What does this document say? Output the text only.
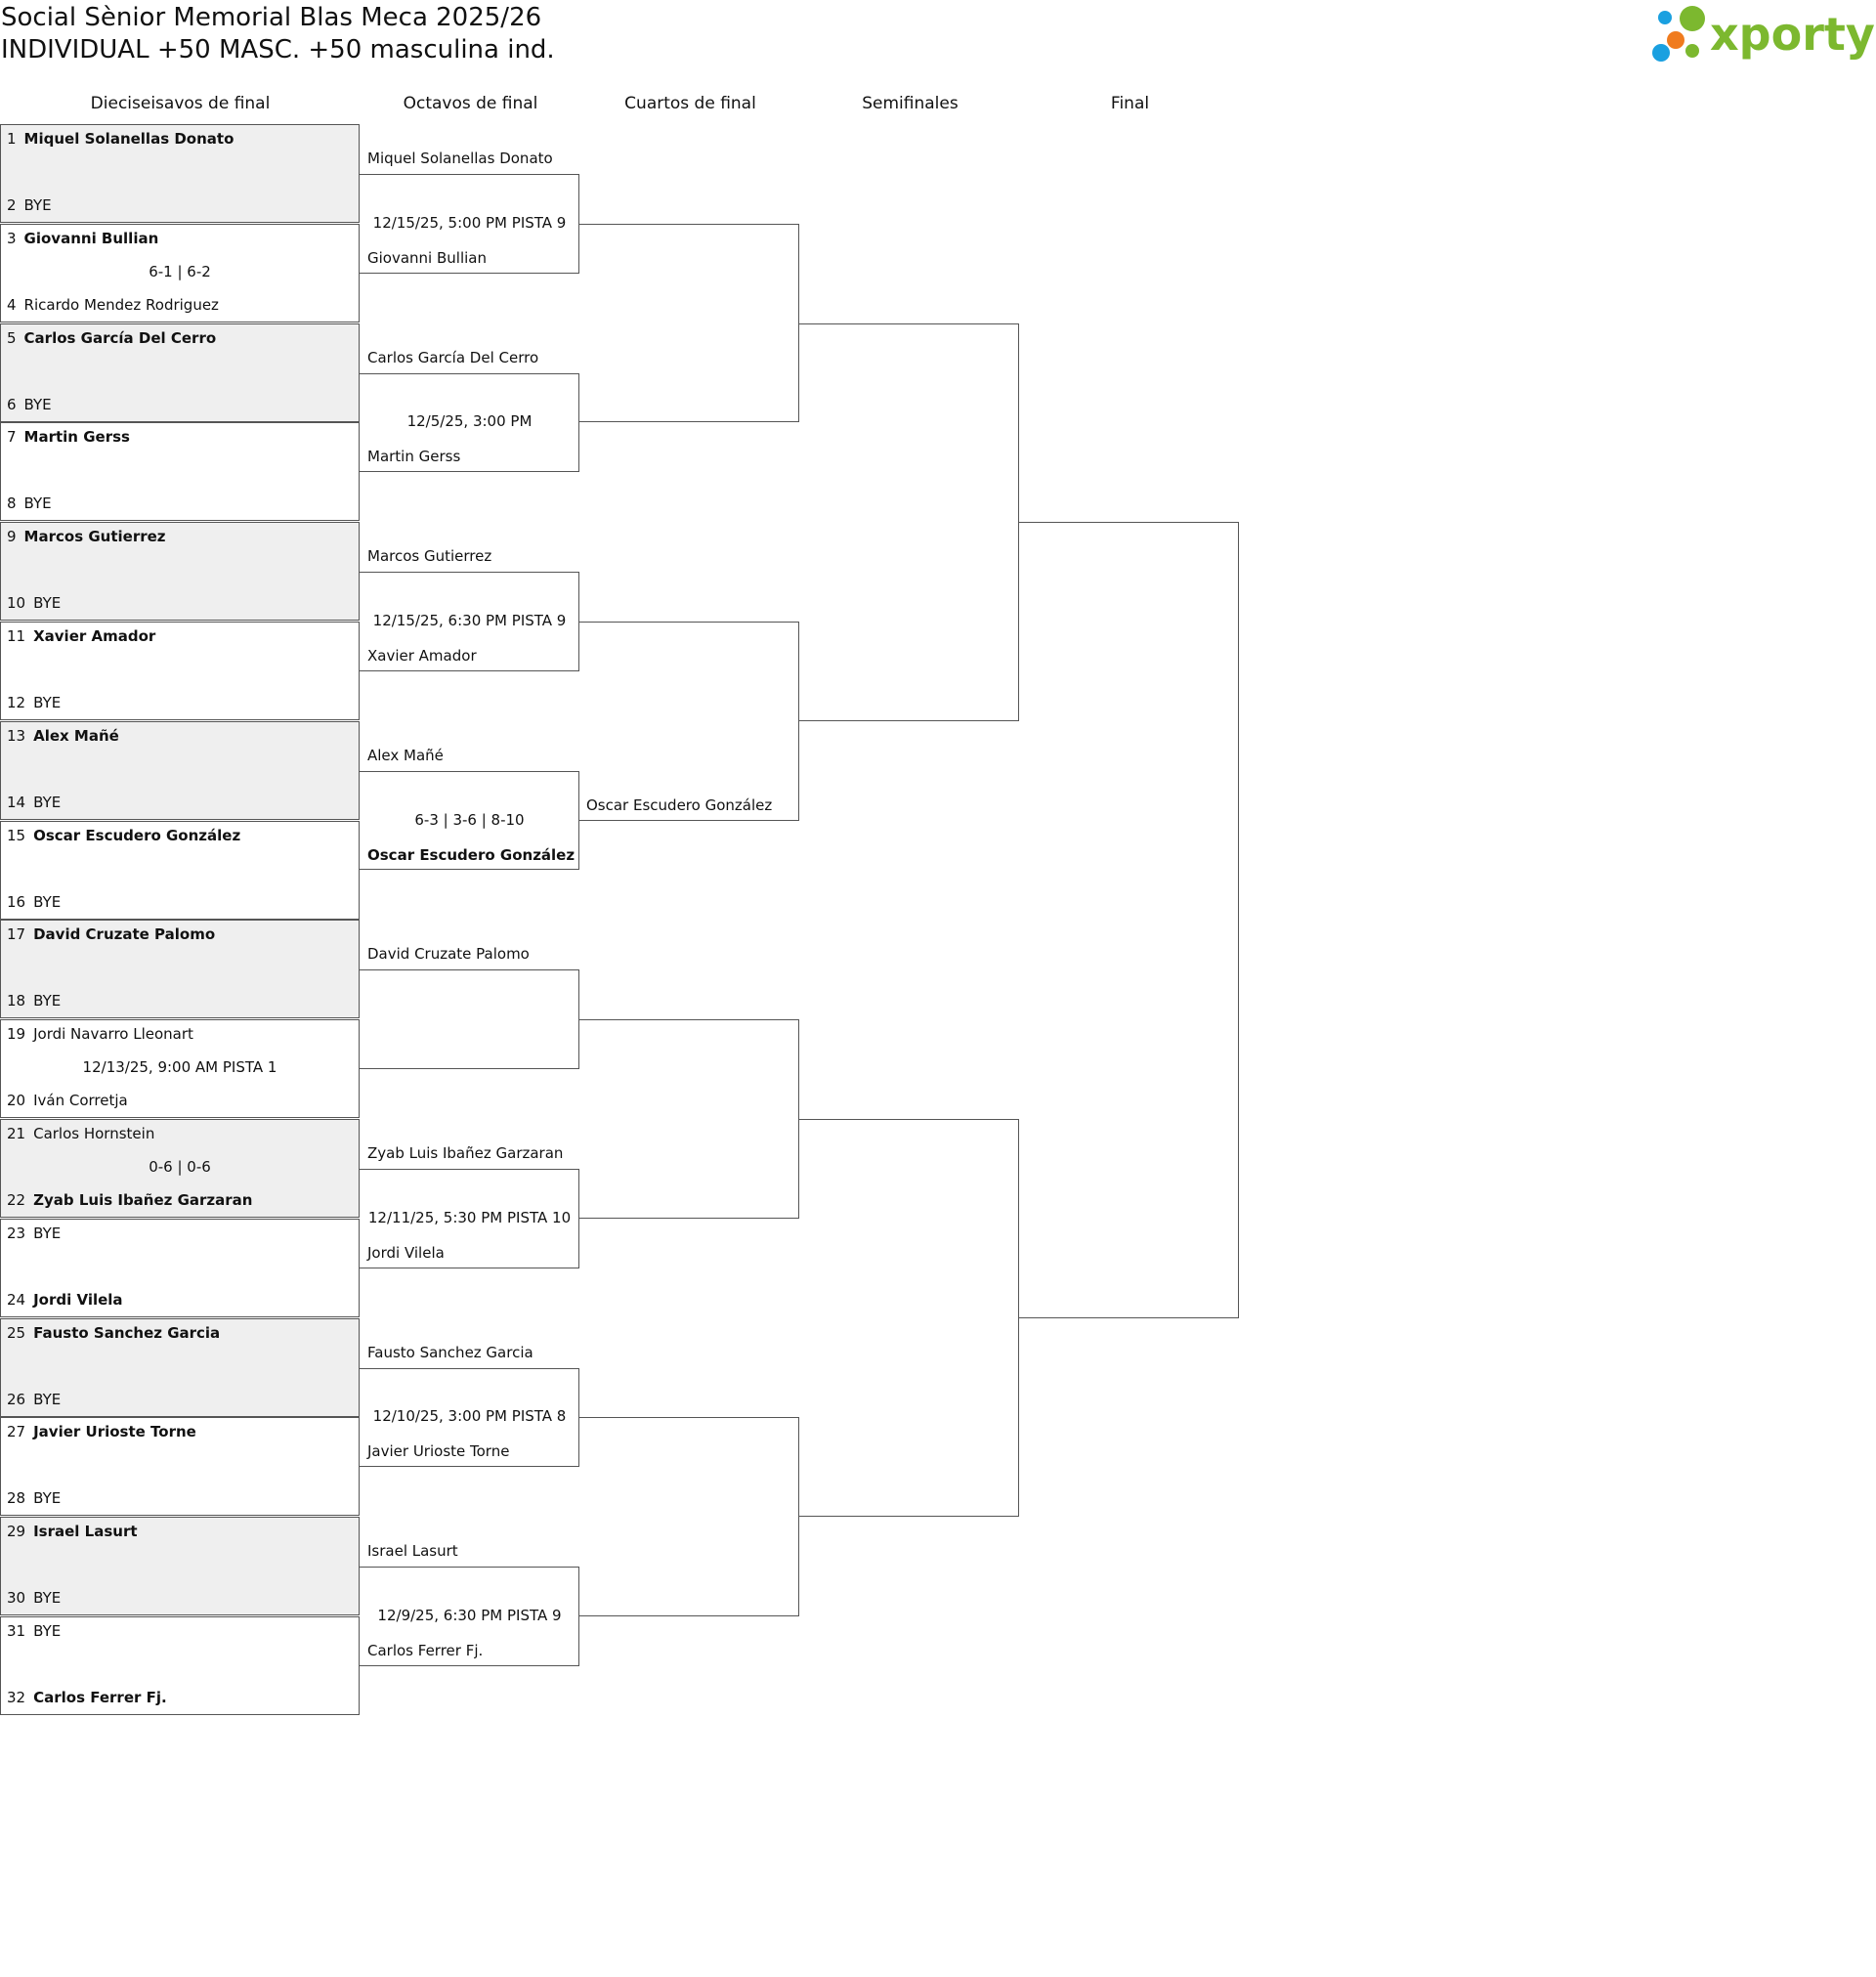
Social Sènior Memorial Blas Meca 2025/26
INDIVIDUAL +50 MASC. +50 masculina ind.	xporty
Dieciseisavos de final	Octavos de final	Cuartos de final	Semifinales	Final
1 Miquel Solanellas Donato
2 BYE
3 Giovanni Bullian
4 Ricardo Mendez Rodriguez
6-1 | 6-2
5 Carlos García Del Cerro
6 BYE
7 Martin Gerss
8 BYE
9 Marcos Gutierrez
10 BYE
11 Xavier Amador
12 BYE
13 Alex Mañé
14 BYE
15 Oscar Escudero González
16 BYE
17 David Cruzate Palomo
18 BYE
19 Jordi Navarro Lleonart
20 Iván Corretja
12/13/25, 9:00 AM PISTA 1
21 Carlos Hornstein
22 Zyab Luis Ibañez Garzaran
0-6 | 0-6
23 BYE
24 Jordi Vilela
25 Fausto Sanchez Garcia
26 BYE
27 Javier Urioste Torne
28 BYE
29 Israel Lasurt
30 BYE
31 BYE
32 Carlos Ferrer Fj.
Miquel Solanellas Donato
Giovanni Bullian
12/15/25, 5:00 PM PISTA 9
Carlos García Del Cerro
Martin Gerss
12/5/25, 3:00 PM
Marcos Gutierrez
Xavier Amador
12/15/25, 6:30 PM PISTA 9
Alex Mañé
Oscar Escudero González
6-3 | 3-6 | 8-10
David Cruzate Palomo
Zyab Luis Ibañez Garzaran
Jordi Vilela
12/11/25, 5:30 PM PISTA 10
Fausto Sanchez Garcia
Javier Urioste Torne
12/10/25, 3:00 PM PISTA 8
Israel Lasurt
Carlos Ferrer Fj.
12/9/25, 6:30 PM PISTA 9
Oscar Escudero González
